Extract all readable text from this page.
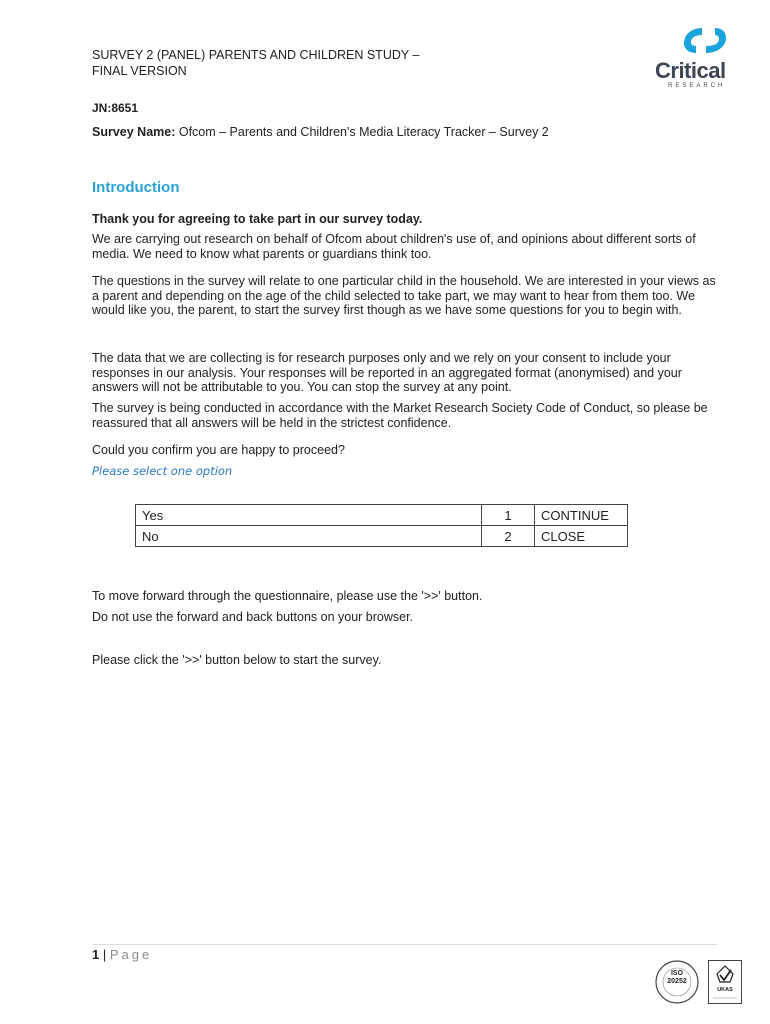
SURVEY 2 (PANEL) PARENTS AND CHILDREN STUDY –
FINAL VERSION	Critical
RESEARCH
JN:8651
Survey Name: Ofcom – Parents and Children's Media Literacy Tracker – Survey 2
Introduction
Thank you for agreeing to take part in our survey today.
We are carrying out research on behalf of Ofcom about children's use of, and opinions about different sorts of media. We need to know what parents or guardians think too.
The questions in the survey will relate to one particular child in the household. We are interested in your views as a parent and depending on the age of the child selected to take part, we may want to hear from them too. We would like you, the parent, to start the survey first though as we have some questions for you to begin with.
The data that we are collecting is for research purposes only and we rely on your consent to include your responses in our analysis. Your responses will be reported in an aggregated format (anonymised) and your answers will not be attributable to you. You can stop the survey at any point.
The survey is being conducted in accordance with the Market Research Society Code of Conduct, so please be reassured that all answers will be held in the strictest confidence.
Could you confirm you are happy to proceed?
Please select one option
Yes	1	CONTINUE
No	2	CLOSE
To move forward through the questionnaire, please use the '>>' button.
Do not use the forward and back buttons on your browser.
Please click the '>>' button below to start the survey.
1 | Page
ISO
20252
UKAS
